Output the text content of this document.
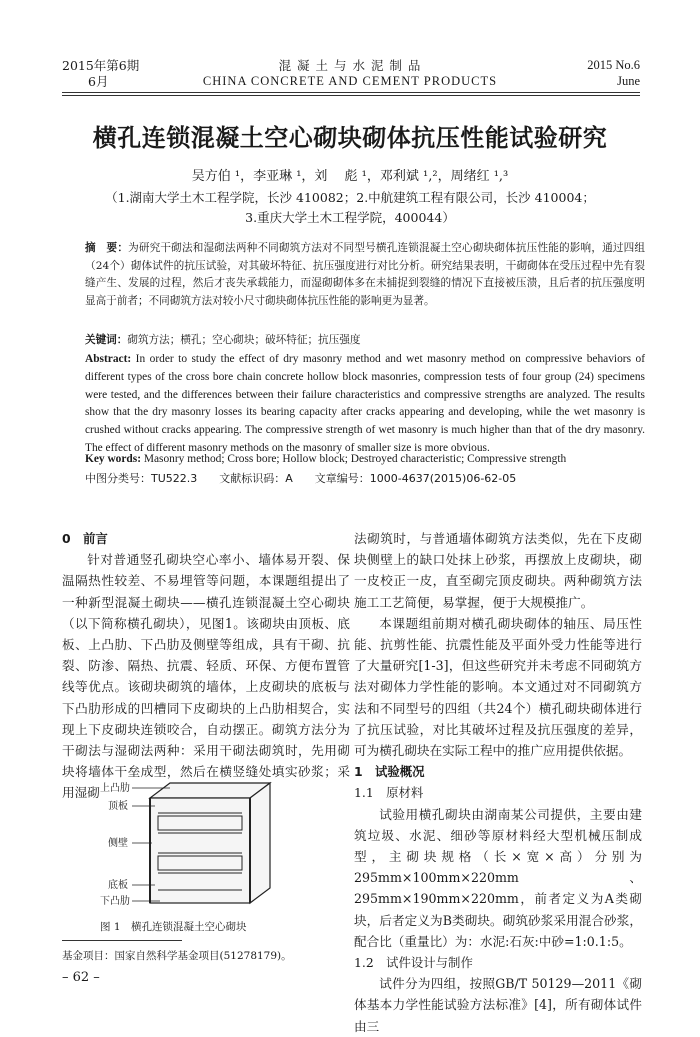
2015年第6期
6月
混 凝 土 与 水 泥 制 品
CHINA CONCRETE AND CEMENT PRODUCTS
2015 No.6
June
横孔连锁混凝土空心砌块砌体抗压性能试验研究
吴方伯 ¹，李亚琳 ¹，刘　 彪 ¹，邓利斌 ¹,²，周绪红 ¹,³
（1.湖南大学土木工程学院，长沙 410082；2.中航建筑工程有限公司，长沙 410004；
3.重庆大学土木工程学院，400044）
摘　要：为研究干砌法和湿砌法两种不同砌筑方法对不同型号横孔连锁混凝土空心砌块砌体抗压性能的影响，通过四组（24个）砌体试件的抗压试验，对其破坏特征、抗压强度进行对比分析。研究结果表明，干砌砌体在受压过程中先有裂缝产生、发展的过程，然后才丧失承载能力，而湿砌砌体多在未捕捉到裂缝的情况下直接被压溃，且后者的抗压强度明显高于前者；不同砌筑方法对较小尺寸砌块砌体抗压性能的影响更为显著。
关键词：砌筑方法；横孔；空心砌块；破坏特征；抗压强度
Abstract: In order to study the effect of dry masonry method and wet masonry method on compressive behaviors of different types of the cross bore chain concrete hollow block masonries, compression tests of four group (24) specimens were tested, and the differences between their failure characteristics and compressive strengths are analyzed. The results show that the dry masonry losses its bearing capacity after cracks appearing and developing, while the wet masonry is crushed without cracks appearing. The compressive strength of wet masonry is much higher than that of the dry masonry. The effect of different masonry methods on the masonry of smaller size is more obvious.
Key words: Masonry method; Cross bore; Hollow block; Destroyed characteristic; Compressive strength
中图分类号：TU522.3　　文献标识码：A　　文章编号：1000-4637(2015)06-62-05
0　前言

针对普通竖孔砌块空心率小、墙体易开裂、保温隔热性较差、不易埋管等问题，本课题组提出了一种新型混凝土砌块——横孔连锁混凝土空心砌块（以下简称横孔砌块），见图1。该砌块由顶板、底板、上凸肋、下凸肋及侧壁等组成，具有干砌、抗裂、防渗、隔热、抗震、轻质、环保、方便布置管线等优点。该砌块砌筑的墙体，上皮砌块的底板与下凸肋形成的凹槽同下皮砌块的上凸肋相契合，实现上下皮砌块连锁咬合，自动摆正。砌筑方法分为干砌法与湿砌法两种：采用干砌法砌筑时，先用砌块将墙体干垒成型，然后在横竖缝处填实砂浆；采用湿砌 上凸肋
顶板
侧壁
底板
下凸肋
图 1　横孔连锁混凝土空心砌块
基金项目：国家自然科学基金项目(51278179)。
– 62 –

法砌筑时，与普通墙体砌筑方法类似，先在下皮砌块侧壁上的缺口处抹上砂浆，再摆放上皮砌块，砌一皮校正一皮，直至砌完顶皮砌块。两种砌筑方法施工工艺简便，易掌握，便于大规模推广。

本课题组前期对横孔砌块砌体的轴压、局压性能、抗剪性能、抗震性能及平面外受力性能等进行了大量研究[1-3]，但这些研究并未考虑不同砌筑方法对砌体力学性能的影响。本文通过对不同砌筑方法和不同型号的四组（共24个）横孔砌块砌体进行了抗压试验，对比其破坏过程及抗压强度的差异，可为横孔砌块在实际工程中的推广应用提供依据。

1　试验概况
1.1　原材料

试验用横孔砌块由湖南某公司提供，主要由建筑垃圾、水泥、细砂等原材料经大型机械压制成型，主砌块规格（长×宽×高）分别为295mm×100mm×220mm、295mm×190mm×220mm，前者定义为A类砌块，后者定义为B类砌块。砌筑砂浆采用混合砂浆，配合比（重量比）为：水泥:石灰:中砂=1:0.1:5。

1.2　试件设计与制作

试件分为四组，按照GB/T 50129—2011《砌体基本力学性能试验方法标准》[4]，所有砌体试件由三
